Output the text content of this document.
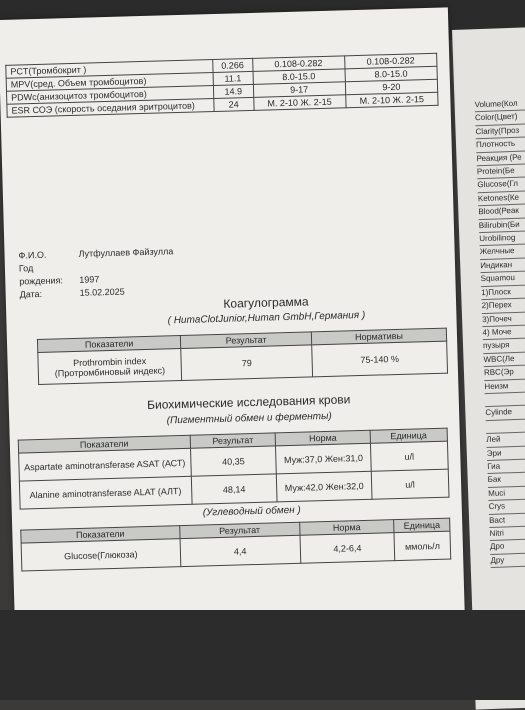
Volume(Кол
Color(Цвет)
Clarity(Проз
Плотность
Реакция (Ре
Protein(Бе
Glucose(Гл
Ketones(Ке
Blood(Реак
Bilirubin(Би
Urobilinog
Желчные
Индикан
Squamou
1)Плоск
2)Перех
3)Почеч
4) Моче
пузыря
WBC(Ле
RBC(Эр
Неизм

Cylinde

Лей
Эри
Гиа
Бак
Muci
Crys
Bact
Nitri
Дро
Дру
PCT(Тромбокрит )	0.266	0.108-0.282	0.108-0.282
MPV(сред. Объем тромбоцитов)	11.1	8.0-15.0	8.0-15.0
PDWc(анизоцитоз тромбоцитов)	14.9	9-17	9-20
ESR СОЭ (скорость оседания эритроцитов)	24	М. 2-10 Ж. 2-15	М. 2-10 Ж. 2-15
Ф.И.О.	Лутфуллаев Файзулла
Год рождения: 1997
Дата:	15.02.2025
Коагулограмма
( HumaClotJunior,Human GmbH,Германия )
Показатели	Результат	Нормативы
Prothrombin index (Протромбиновый индекс)	79	75-140 %
Биохимические исследования крови
(Пигментный обмен и ферменты)
Показатели	Результат	Норма	Единица
Aspartate aminotransferase ASAT (АСТ)	40,35	Муж:37,0 Жен:31,0	u/l
Alanine aminotransferase ALAT (АЛТ)	48,14	Муж:42,0 Жен:32,0	u/l
(Углеводный обмен )
Показатели	Результат	Норма	Единица
Glucose(Глюкоза)	4,4	4,2-6,4	ммоль/л
